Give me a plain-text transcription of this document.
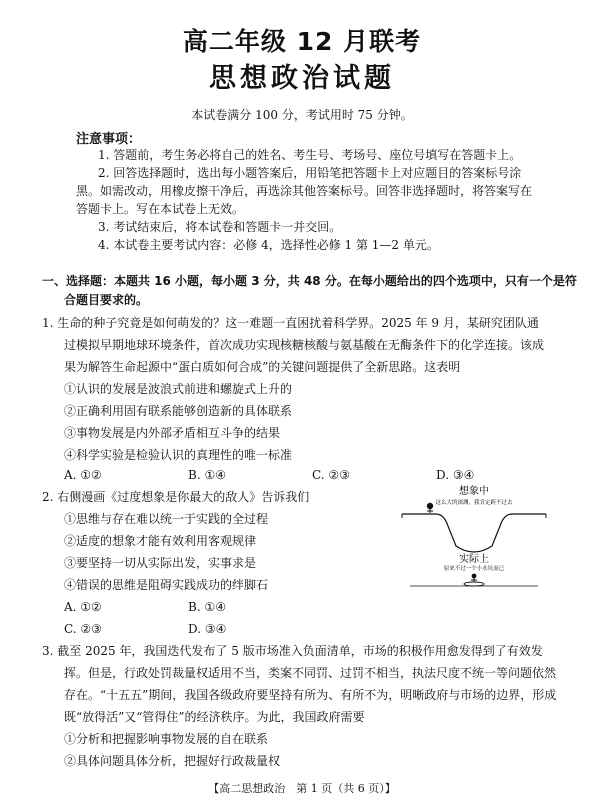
高二年级 12 月联考
思想政治试题
本试卷满分 100 分，考试用时 75 分钟。
注意事项：
1. 答题前，考生务必将自己的姓名、考生号、考场号、座位号填写在答题卡上。
2. 回答选择题时，选出每小题答案后，用铅笔把答题卡上对应题目的答案标号涂
黑。如需改动，用橡皮擦干净后，再选涂其他答案标号。回答非选择题时，将答案写在
答题卡上。写在本试卷上无效。
3. 考试结束后，将本试卷和答题卡一并交回。
4. 本试卷主要考试内容：必修 4，选择性必修 1 第 1—2 单元。
一、选择题：本题共 16 小题，每小题 3 分，共 48 分。在每小题给出的四个选项中，只有一个是符
合题目要求的。
1. 生命的种子究竟是如何萌发的？这一难题一直困扰着科学界。2025 年 9 月，某研究团队通
过模拟早期地球环境条件，首次成功实现核糖核酸与氨基酸在无酶条件下的化学连接。该成
果为解答生命起源中“蛋白质如何合成”的关键问题提供了全新思路。这表明
①认识的发展是波浪式前进和螺旋式上升的
②正确利用固有联系能够创造新的具体联系
③事物发展是内外部矛盾相互斗争的结果
④科学实验是检验认识的真理性的唯一标准
A. ①②	B. ①④	C. ②③	D. ③④
2. 右侧漫画《过度想象是你最大的敌人》告诉我们
①思维与存在难以统一于实践的全过程
②适度的想象才能有效利用客观规律
③要坚持一切从实际出发，实事求是
④错误的思维是阻碍实践成功的绊脚石
A. ①②	B. ①④
C. ②③	D. ③④
想象中
这么大的深渊，我肯定跨不过去
实际上
原来不过一个小水坑而已
3. 截至 2025 年，我国迭代发布了 5 版市场准入负面清单，市场的积极作用愈发得到了有效发
挥。但是，行政处罚裁量权适用不当，类案不同罚、过罚不相当，执法尺度不统一等问题依然
存在。“十五五”期间，我国各级政府要坚持有所为、有所不为，明晰政府与市场的边界，形成
既“放得活”又“管得住”的经济秩序。为此，我国政府需要
①分析和把握影响事物发展的自在联系
②具体问题具体分析，把握好行政裁量权
【高二思想政治　第 1 页（共 6 页）】
